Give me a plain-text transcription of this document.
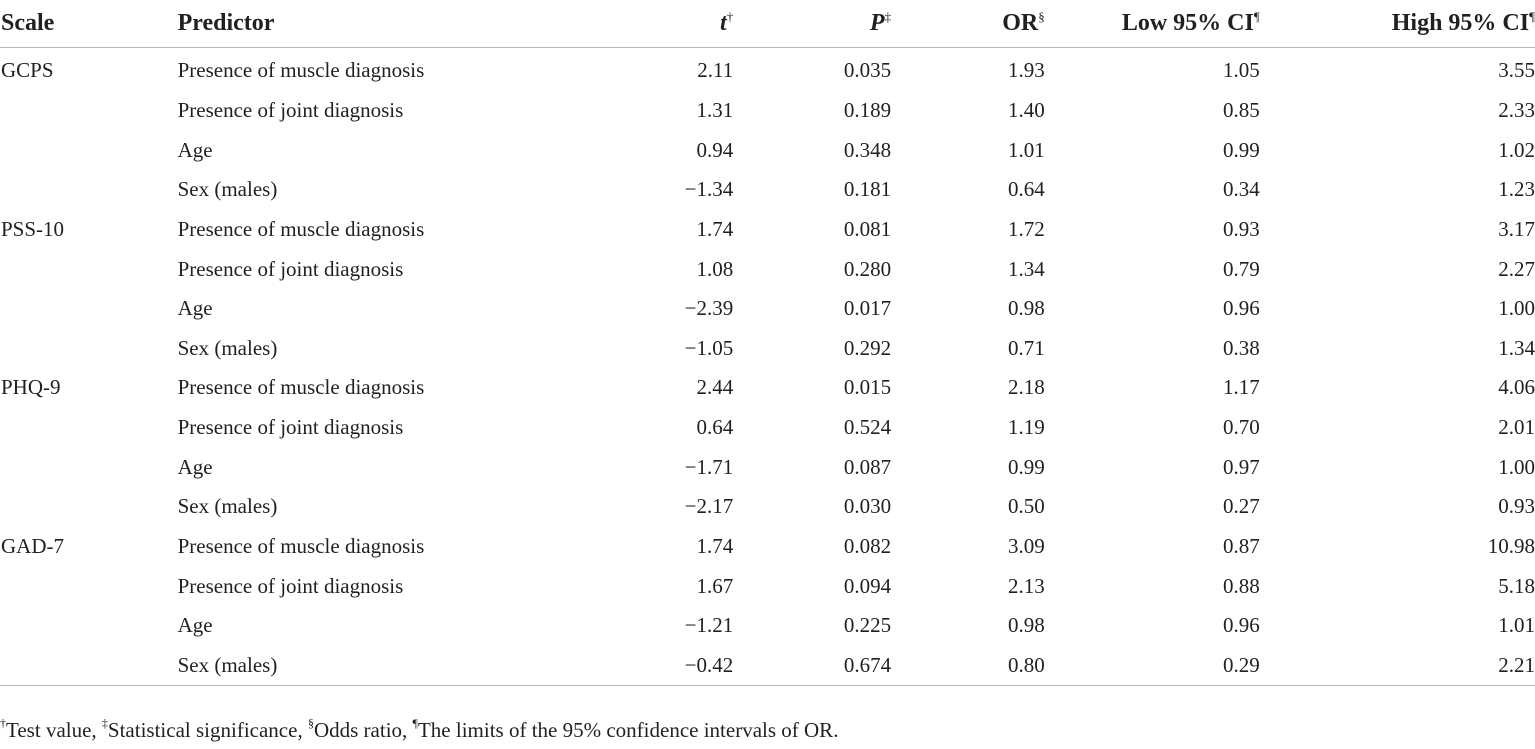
Scale	Predictor	t†	P‡	OR§	Low 95% CI¶	High 95% CI¶
GCPS	Presence of muscle diagnosis	2.11	0.035	1.93	1.05	3.55
	Presence of joint diagnosis	1.31	0.189	1.40	0.85	2.33
	Age	0.94	0.348	1.01	0.99	1.02
	Sex (males)	−1.34	0.181	0.64	0.34	1.23
PSS-10	Presence of muscle diagnosis	1.74	0.081	1.72	0.93	3.17
	Presence of joint diagnosis	1.08	0.280	1.34	0.79	2.27
	Age	−2.39	0.017	0.98	0.96	1.00
	Sex (males)	−1.05	0.292	0.71	0.38	1.34
PHQ-9	Presence of muscle diagnosis	2.44	0.015	2.18	1.17	4.06
	Presence of joint diagnosis	0.64	0.524	1.19	0.70	2.01
	Age	−1.71	0.087	0.99	0.97	1.00
	Sex (males)	−2.17	0.030	0.50	0.27	0.93
GAD-7	Presence of muscle diagnosis	1.74	0.082	3.09	0.87	10.98
	Presence of joint diagnosis	1.67	0.094	2.13	0.88	5.18
	Age	−1.21	0.225	0.98	0.96	1.01
	Sex (males)	−0.42	0.674	0.80	0.29	2.21
†Test value, ‡Statistical significance, §Odds ratio, ¶The limits of the 95% confidence intervals of OR.
